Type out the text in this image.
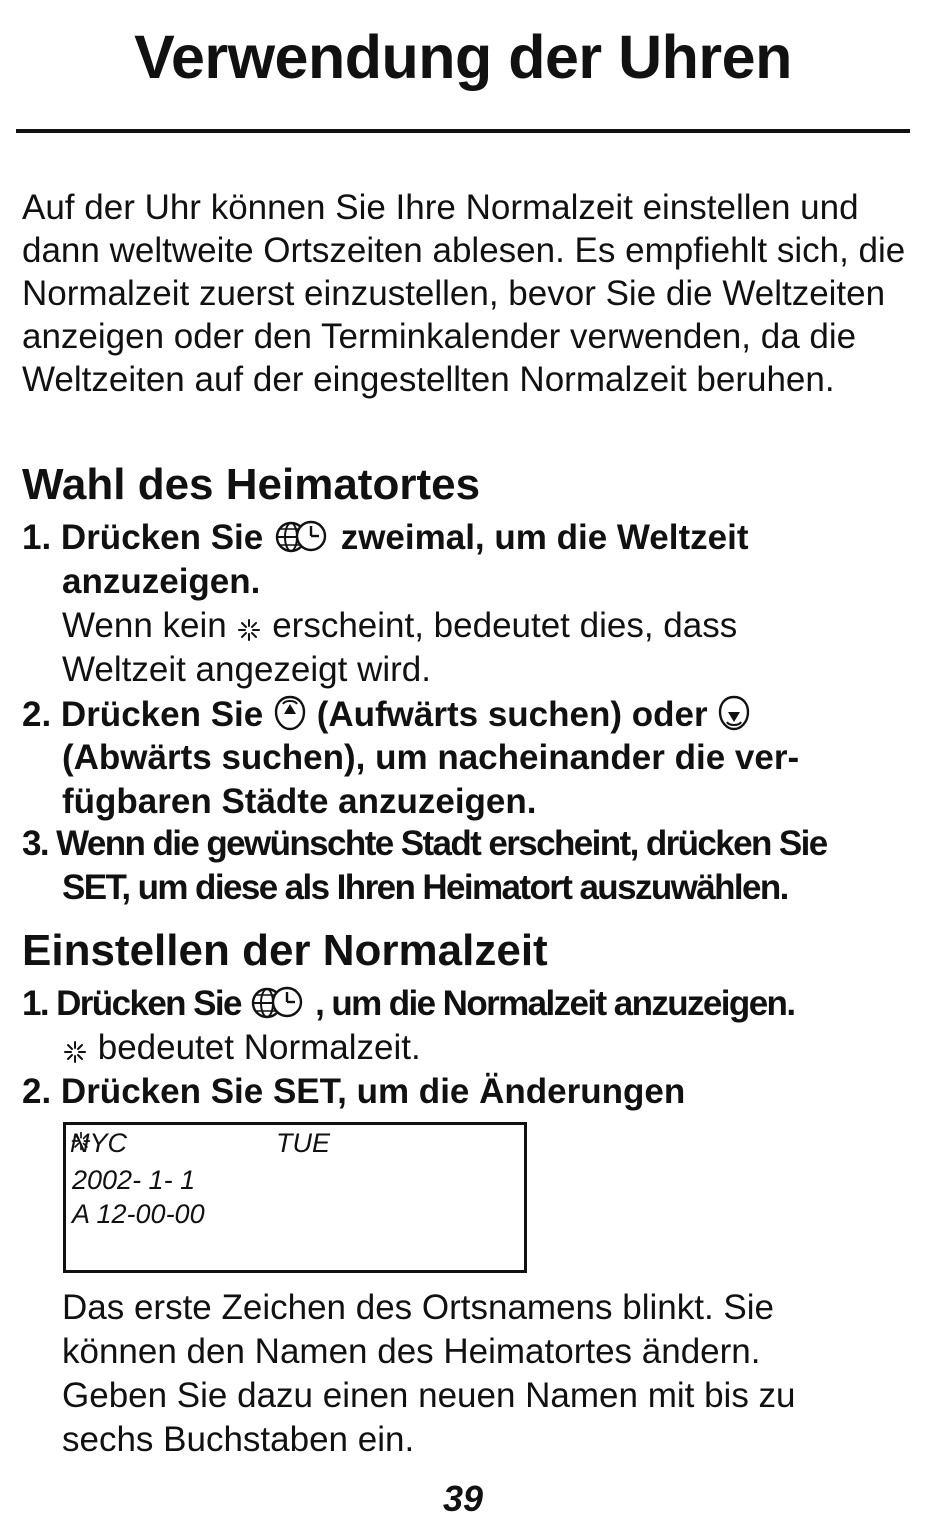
Verwendung der Uhren
Auf der Uhr können Sie Ihre Normalzeit einstellen und dann weltweite Ortszeiten ablesen. Es empfiehlt sich, die Normalzeit zuerst einzustellen, bevor Sie die Weltzeiten anzeigen oder den Terminkalender verwenden, da die Weltzeiten auf der eingestellten Normalzeit beruhen.
Wahl des Heimatortes
1. Drücken Sie zweimal, um die Weltzeit
anzuzeigen.
Wenn kein erscheint, bedeutet dies, dass
Weltzeit angezeigt wird.
2. Drücken Sie (Aufwärts suchen) oder
(Abwärts suchen), um nacheinander die ver-
fügbaren Städte anzuzeigen.
3. Wenn die gewünschte Stadt erscheint, drücken Sie
SET, um diese als Ihren Heimatort auszuwählen.
Einstellen der Normalzeit
1. Drücken Sie , um die Normalzeit anzuzeigen.
bedeutet Normalzeit.
2. Drücken Sie SET, um die Änderungen
NYC	TUE
2002- 1- 1
A 12-00-00
Das erste Zeichen des Ortsnamens blinkt. Sie
können den Namen des Heimatortes ändern.
Geben Sie dazu einen neuen Namen mit bis zu
sechs Buchstaben ein.
39
